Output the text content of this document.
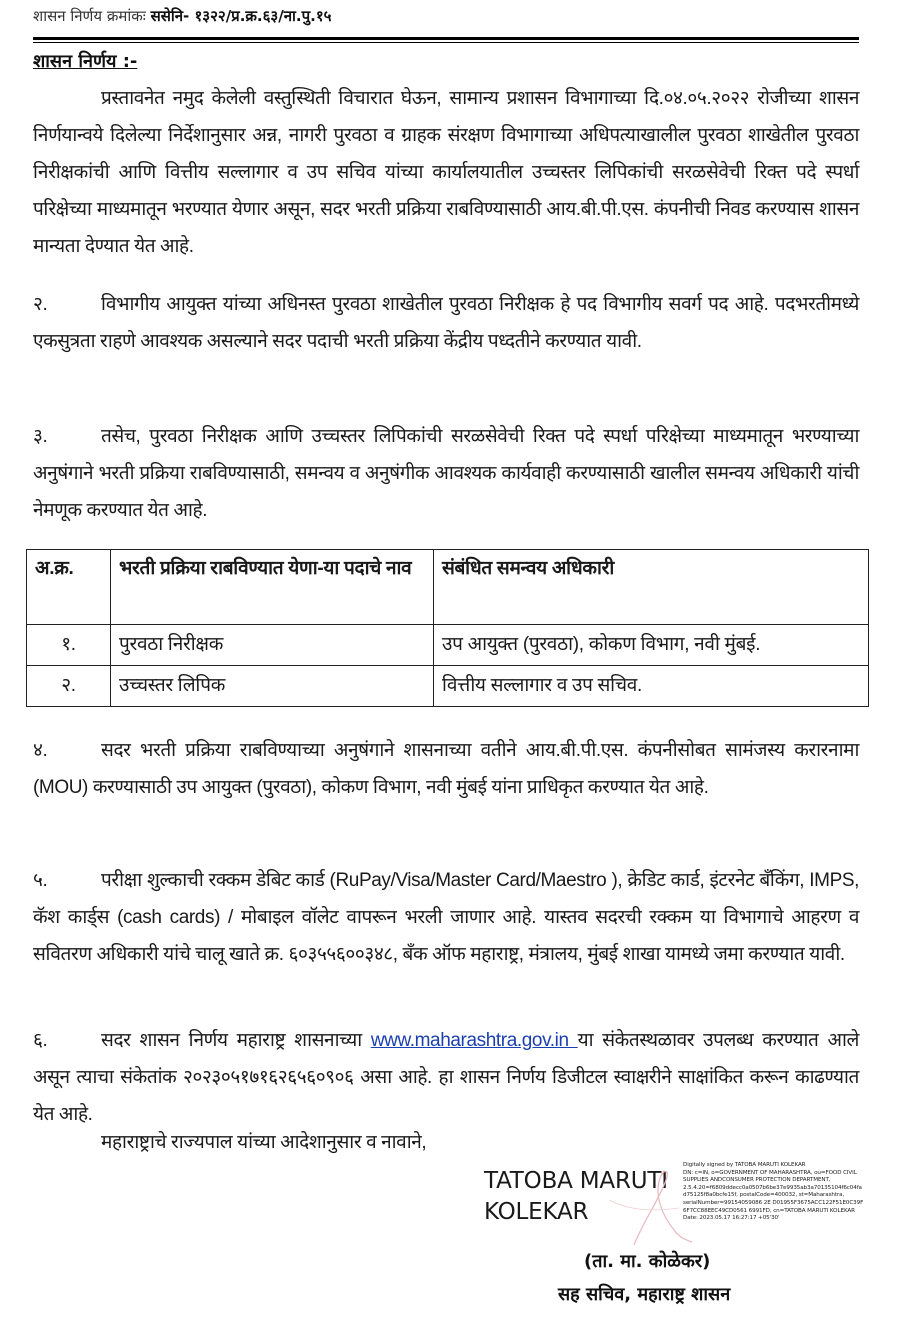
शासन निर्णय क्रमांकः ससेनि- १३२२/प्र.क्र.६३/ना.पु.१५
शासन निर्णय :-
प्रस्तावनेत नमुद केलेली वस्तुस्थिती विचारात घेऊन, सामान्य प्रशासन विभागाच्या दि.०४.०५.२०२२ रोजीच्या शासन निर्णयान्वये दिलेल्या निर्देशानुसार अन्न, नागरी पुरवठा व ग्राहक संरक्षण विभागाच्या अधिपत्याखालील पुरवठा शाखेतील पुरवठा निरीक्षकांची आणि वित्तीय सल्लागार व उप सचिव यांच्या कार्यालयातील उच्चस्तर लिपिकांची सरळसेवेची रिक्त पदे स्पर्धा परिक्षेच्या माध्यमातून भरण्यात येणार असून, सदर भरती प्रक्रिया राबविण्यासाठी आय.बी.पी.एस. कंपनीची निवड करण्यास शासन मान्यता देण्यात येत आहे.
२.	विभागीय आयुक्त यांच्या अधिनस्त पुरवठा शाखेतील पुरवठा निरीक्षक हे पद विभागीय सवर्ग पद आहे. पदभरतीमध्ये एकसुत्रता राहणे आवश्यक असल्याने सदर पदाची भरती प्रक्रिया केंद्रीय पध्दतीने करण्यात यावी.
३.	तसेच, पुरवठा निरीक्षक आणि उच्चस्तर लिपिकांची सरळसेवेची रिक्त पदे स्पर्धा परिक्षेच्या माध्यमातून भरण्याच्या अनुषंगाने भरती प्रक्रिया राबविण्यासाठी, समन्वय व अनुषंगीक आवश्यक कार्यवाही करण्यासाठी खालील समन्वय अधिकारी यांची नेमणूक करण्यात येत आहे.
अ.क्र.	भरती प्रक्रिया राबविण्यात येणा-या पदाचे नाव	संबंधित समन्वय अधिकारी
१.	पुरवठा निरीक्षक	उप आयुक्त (पुरवठा), कोकण विभाग, नवी मुंबई.
२.	उच्चस्तर लिपिक	वित्तीय सल्लागार व उप सचिव.
४.	सदर भरती प्रक्रिया राबविण्याच्या अनुषंगाने शासनाच्या वतीने आय.बी.पी.एस. कंपनीसोबत सामंजस्य करारनामा (MOU) करण्यासाठी उप आयुक्त (पुरवठा), कोकण विभाग, नवी मुंबई यांना प्राधिकृत करण्यात येत आहे.
५.	परीक्षा शुल्काची रक्कम डेबिट कार्ड (RuPay/Visa/Master Card/Maestro ), क्रेडिट कार्ड, इंटरनेट बॅंकिंग, IMPS, कॅश कार्ड्स (cash cards) / मोबाइल वॉलेट वापरून भरली जाणार आहे. यास्तव सदरची रक्कम या विभागाचे आहरण व सवितरण अधिकारी यांचे चालू खाते क्र. ६०३५५६००३४८, बॅंक ऑफ महाराष्ट्र, मंत्रालय, मुंबई शाखा यामध्ये जमा करण्यात यावी.
६.	सदर शासन निर्णय महाराष्ट्र शासनाच्या www.maharashtra.gov.in या संकेतस्थळावर उपलब्ध करण्यात आले असून त्याचा संकेतांक २०२३०५१७१६२६५६०९०६ असा आहे. हा शासन निर्णय डिजीटल स्वाक्षरीने साक्षांकित करून काढण्यात येत आहे.
महाराष्ट्राचे राज्यपाल यांच्या आदेशानुसार व नावाने,
TATOBA MARUTI
KOLEKAR
Digitally signed by TATOBA MARUTI KOLEKAR
DN: c=IN, o=GOVERNMENT OF MAHARASHTRA, ou=FOOD CIVIL
SUPPLIES ANDCONSUMER PROTECTION DEPARTMENT,
2.5.4.20=f6809ddecc0a0507b6be37e9935ab3a70135104f6c04fa
d75125f8a0bcfe15f, postalCode=400032, st=Maharashtra,
serialNumber=99154059086 2E D01955F3675ACC122F51E0C39F
6F7CC88EEC49CD0561 6991FD, cn=TATOBA MARUTI KOLEKAR
Date: 2023.05.17 16:27:17 +05'30'
(ता. मा. कोळेकर)
सह सचिव, महाराष्ट्र शासन
